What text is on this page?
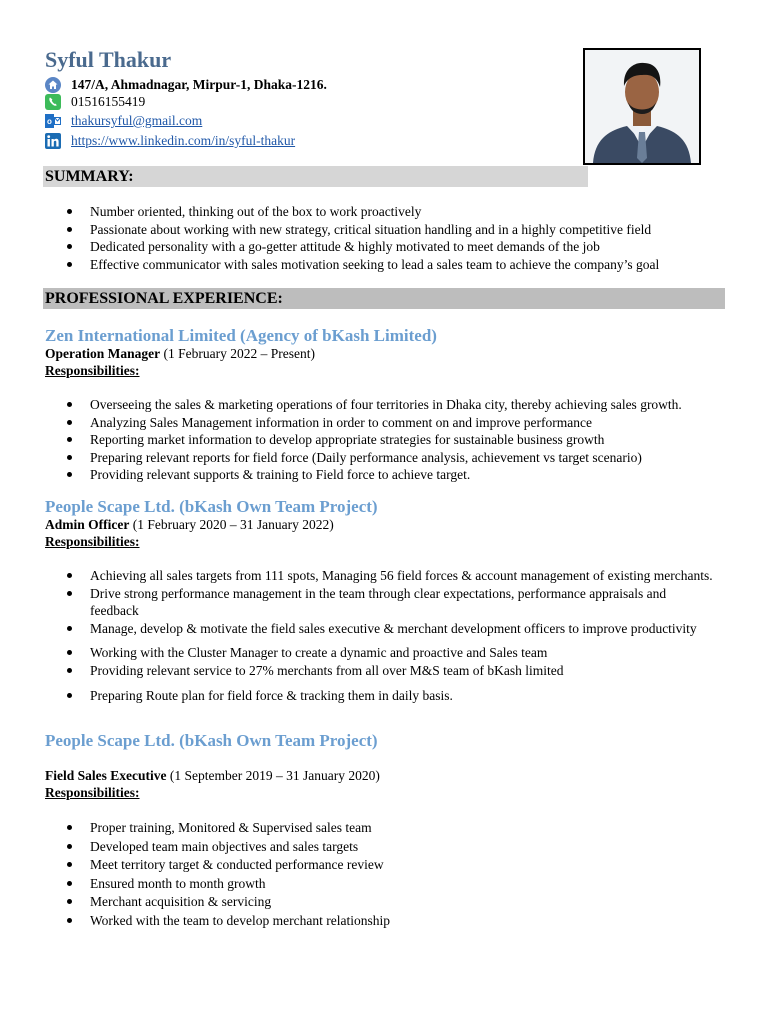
Syful Thakur
147/A, Ahmadnagar, Mirpur-1, Dhaka-1216.
01516155419
o thakursyful@gmail.com
https://www.linkedin.com/in/syful-thakur
SUMMARY:
Number oriented, thinking out of the box to work proactively
Passionate about working with new strategy, critical situation handling and in a highly competitive field
Dedicated personality with a go-getter attitude & highly motivated to meet demands of the job
Effective communicator with sales motivation seeking to lead a sales team to achieve the company’s goal
PROFESSIONAL EXPERIENCE:
Zen International Limited (Agency of bKash Limited)
Operation Manager (1 February 2022 – Present)
Responsibilities:
Overseeing the sales & marketing operations of four territories in Dhaka city, thereby achieving sales growth.
Analyzing Sales Management information in order to comment on and improve performance
Reporting market information to develop appropriate strategies for sustainable business growth
Preparing relevant reports for field force (Daily performance analysis, achievement vs target scenario)
Providing relevant supports & training to Field force to achieve target.
People Scape Ltd. (bKash Own Team Project)
Admin Officer (1 February 2020 – 31 January 2022)
Responsibilities:
Achieving all sales targets from 111 spots, Managing 56 field forces & account management of existing merchants.
Drive strong performance management in the team through clear expectations, performance appraisals and feedback
Manage, develop & motivate the field sales executive & merchant development officers to improve productivity
Working with the Cluster Manager to create a dynamic and proactive and Sales team
Providing relevant service to 27% merchants from all over M&S team of bKash limited
Preparing Route plan for field force & tracking them in daily basis.
People Scape Ltd. (bKash Own Team Project)
Field Sales Executive (1 September 2019 – 31 January 2020)
Responsibilities:
Proper training, Monitored & Supervised sales team
Developed team main objectives and sales targets
Meet territory target & conducted performance review
Ensured month to month growth
Merchant acquisition & servicing
Worked with the team to develop merchant relationship
